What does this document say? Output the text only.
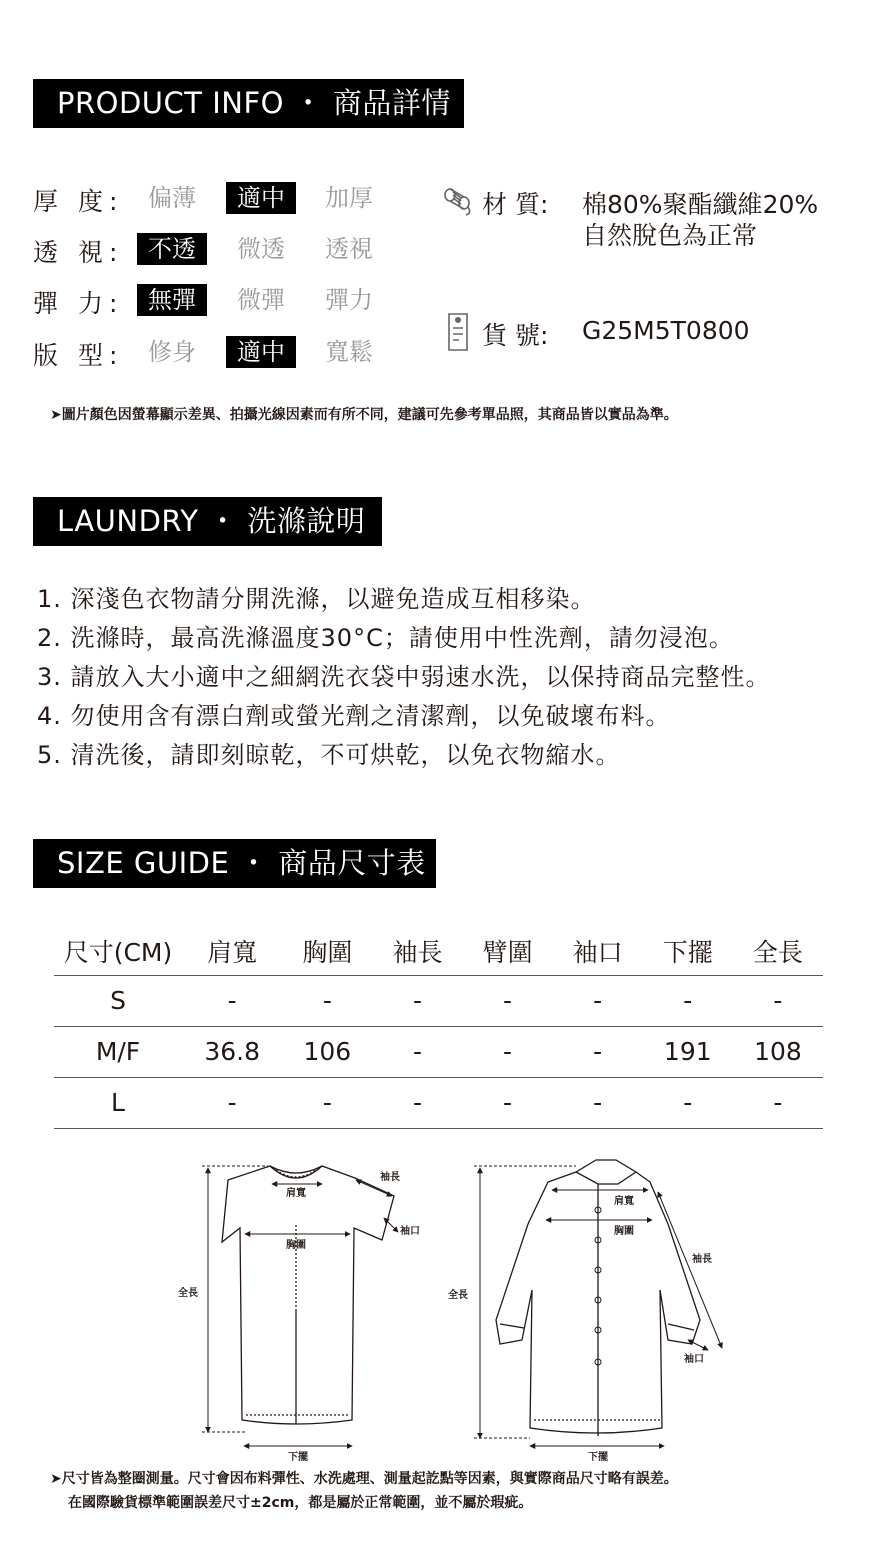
PRODUCT INFO ・ 商品詳情
厚 度:	偏薄	適中	加厚
透 視:	不透	微透	透視
彈 力:	無彈	微彈	彈力
版 型:	修身	適中	寬鬆
材 質: 棉80%聚酯纖維20%
自然脫色為正常
貨 號: G25M5T0800
➤圖片顏色因螢幕顯示差異、拍攝光線因素而有所不同，建議可先參考單品照，其商品皆以實品為準。
LAUNDRY ・ 洗滌說明
1. 深淺色衣物請分開洗滌，以避免造成互相移染。
2. 洗滌時，最高洗滌溫度30°C；請使用中性洗劑，請勿浸泡。
3. 請放入大小適中之細網洗衣袋中弱速水洗，以保持商品完整性。
4. 勿使用含有漂白劑或螢光劑之清潔劑，以免破壞布料。
5. 清洗後，請即刻晾乾，不可烘乾，以免衣物縮水。
SIZE GUIDE ・ 商品尺寸表
尺寸(CM)	肩寬	胸圍	袖長	臂圍	袖口	下擺	全長
S	-	-	-	-	-	-	-
M/F	36.8	106	-	-	-	191	108
L	-	-	-	-	-	-	-
肩寬
胸圍
袖長
袖口
全長
下擺
肩寬
胸圍
袖長
袖口
全長
下擺
➤尺寸皆為整圈測量。尺寸會因布料彈性、水洗處理、測量起訖點等因素，與實際商品尺寸略有誤差。
在國際驗貨標準範圍誤差尺寸±2cm，都是屬於正常範圍，並不屬於瑕疵。
